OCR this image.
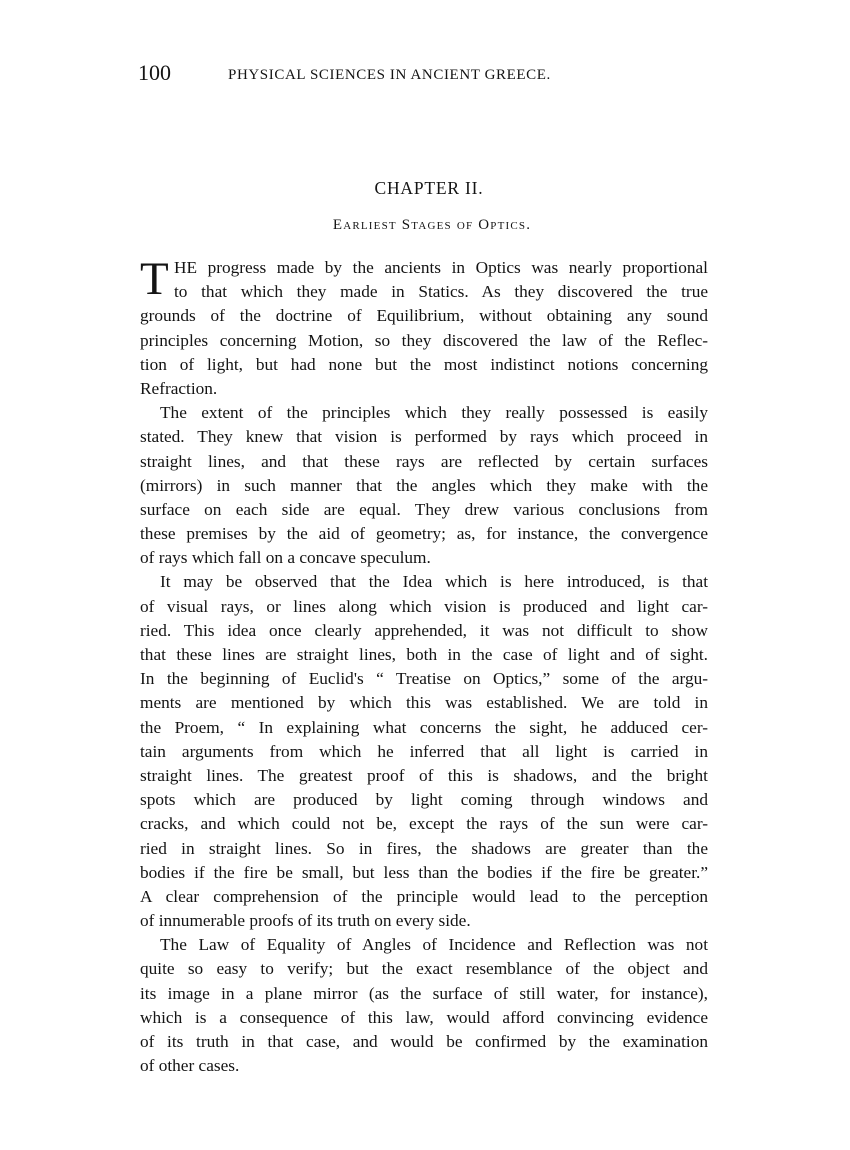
100	PHYSICAL SCIENCES IN ANCIENT GREECE.
CHAPTER II.
Earliest Stages of Optics.
T HE progress made by the ancients in Optics was nearly proportional
to that which they made in Statics. As they discovered the true
grounds of the doctrine of Equilibrium, without obtaining any sound
principles concerning Motion, so they discovered the law of the Reflec-
tion of light, but had none but the most indistinct notions concerning
Refraction.
The extent of the principles which they really possessed is easily
stated. They knew that vision is performed by rays which proceed in
straight lines, and that these rays are reflected by certain surfaces
(mirrors) in such manner that the angles which they make with the
surface on each side are equal. They drew various conclusions from
these premises by the aid of geometry; as, for instance, the convergence
of rays which fall on a concave speculum.
It may be observed that the Idea which is here introduced, is that
of visual rays, or lines along which vision is produced and light car-
ried. This idea once clearly apprehended, it was not difficult to show
that these lines are straight lines, both in the case of light and of sight.
In the beginning of Euclid's “ Treatise on Optics,” some of the argu-
ments are mentioned by which this was established. We are told in
the Proem, “ In explaining what concerns the sight, he adduced cer-
tain arguments from which he inferred that all light is carried in
straight lines. The greatest proof of this is shadows, and the bright
spots which are produced by light coming through windows and
cracks, and which could not be, except the rays of the sun were car-
ried in straight lines. So in fires, the shadows are greater than the
bodies if the fire be small, but less than the bodies if the fire be greater.”
A clear comprehension of the principle would lead to the perception
of innumerable proofs of its truth on every side.
The Law of Equality of Angles of Incidence and Reflection was not
quite so easy to verify; but the exact resemblance of the object and
its image in a plane mirror (as the surface of still water, for instance),
which is a consequence of this law, would afford convincing evidence
of its truth in that case, and would be confirmed by the examination
of other cases.
